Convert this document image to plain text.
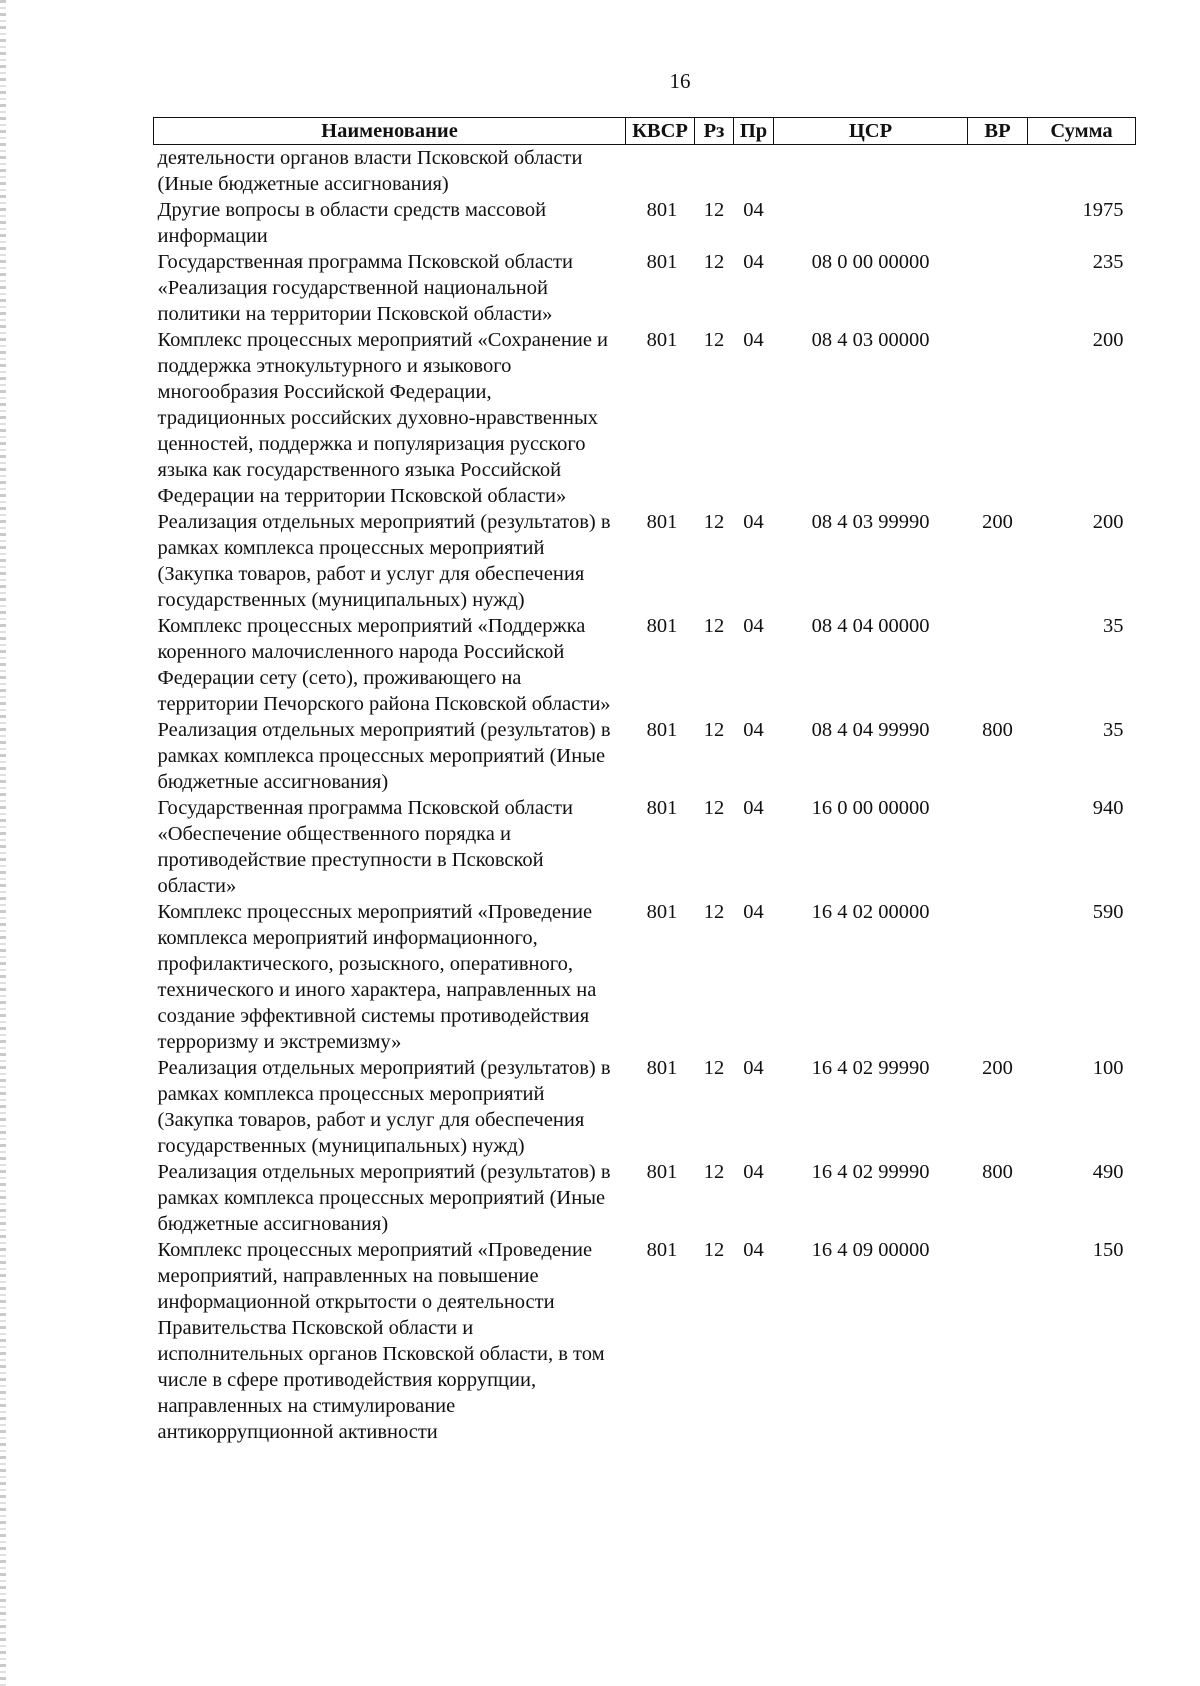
16
Наименование	КВСР	Рз	Пр	ЦСР	ВР	Сумма
деятельности органов власти Псковской области (Иные бюджетные ассигнования)						
Другие вопросы в области средств массовой информации	801	12	04			1975
Государственная программа Псковской области «Реализация государственной национальной политики на территории Псковской области»	801	12	04	08 0 00 00000		235
Комплекс процессных мероприятий «Сохранение и поддержка этнокультурного и языкового многообразия Российской Федерации, традиционных российских духовно-нравственных ценностей, поддержка и популяризация русского языка как государственного языка Российской Федерации на территории Псковской области»	801	12	04	08 4 03 00000		200
Реализация отдельных мероприятий (результатов) в рамках комплекса процессных мероприятий (Закупка товаров, работ и услуг для обеспечения государственных (муниципальных) нужд)	801	12	04	08 4 03 99990	200	200
Комплекс процессных мероприятий «Поддержка коренного малочисленного народа Российской Федерации сету (сето), проживающего на территории Печорского района Псковской области»	801	12	04	08 4 04 00000		35
Реализация отдельных мероприятий (результатов) в рамках комплекса процессных мероприятий (Иные бюджетные ассигнования)	801	12	04	08 4 04 99990	800	35
Государственная программа Псковской области «Обеспечение общественного порядка и противодействие преступности в Псковской области»	801	12	04	16 0 00 00000		940
Комплекс процессных мероприятий «Проведение комплекса мероприятий информационного, профилактического, розыскного, оперативного, технического и иного характера, направленных на создание эффективной системы противодействия терроризму и экстремизму»	801	12	04	16 4 02 00000		590
Реализация отдельных мероприятий (результатов) в рамках комплекса процессных мероприятий (Закупка товаров, работ и услуг для обеспечения государственных (муниципальных) нужд)	801	12	04	16 4 02 99990	200	100
Реализация отдельных мероприятий (результатов) в рамках комплекса процессных мероприятий (Иные бюджетные ассигнования)	801	12	04	16 4 02 99990	800	490
Комплекс процессных мероприятий «Проведение мероприятий, направленных на повышение информационной открытости о деятельности Правительства Псковской области и исполнительных органов Псковской области, в том числе в сфере противодействия коррупции, направленных на стимулирование антикоррупционной активности	801	12	04	16 4 09 00000		150
